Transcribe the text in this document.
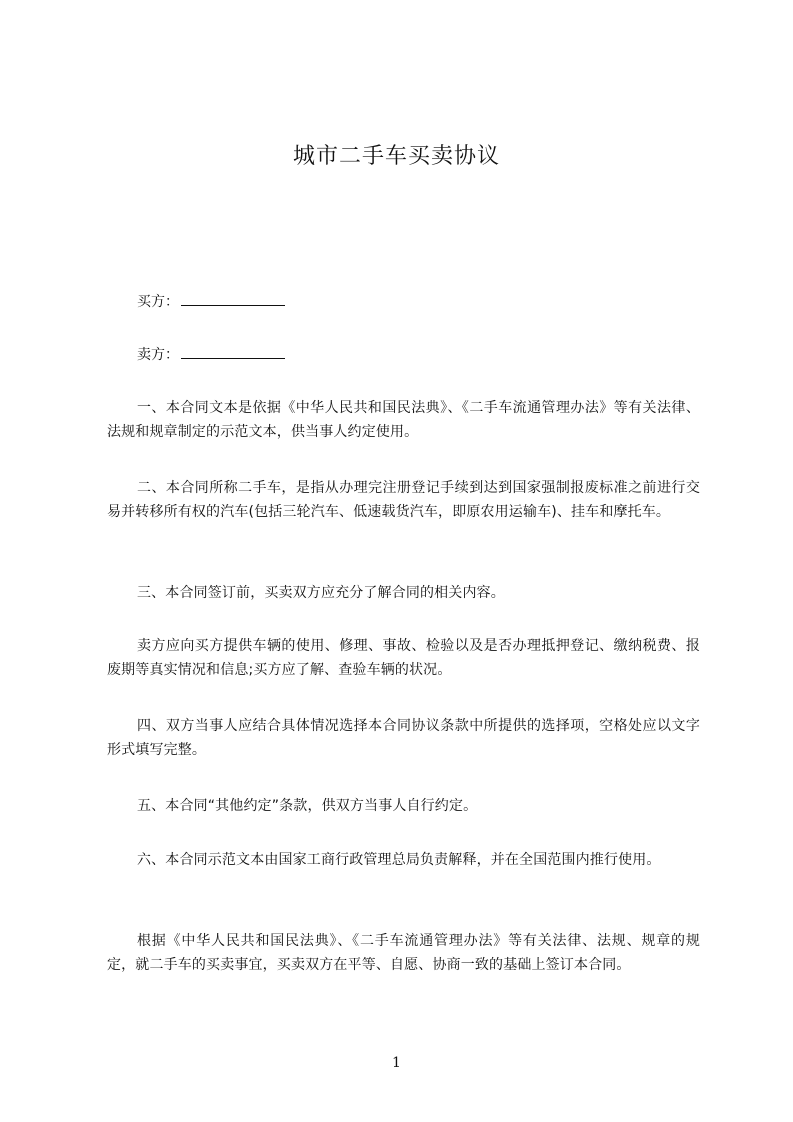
城市二手车买卖协议
买方：
卖方：

一、本合同文本是依据《中华人民共和国民法典》、《二手车流通管理办法》等有关法律、法规和规章制定的示范文本，供当事人约定使用。

二、本合同所称二手车，是指从办理完注册登记手续到达到国家强制报废标准之前进行交易并转移所有权的汽车(包括三轮汽车、低速载货汽车，即原农用运输车)、挂车和摩托车。

三、本合同签订前，买卖双方应充分了解合同的相关内容。

卖方应向买方提供车辆的使用、修理、事故、检验以及是否办理抵押登记、缴纳税费、报废期等真实情况和信息;买方应了解、查验车辆的状况。

四、双方当事人应结合具体情况选择本合同协议条款中所提供的选择项，空格处应以文字形式填写完整。

五、本合同“其他约定”条款，供双方当事人自行约定。

六、本合同示范文本由国家工商行政管理总局负责解释，并在全国范围内推行使用。

根据《中华人民共和国民法典》、《二手车流通管理办法》等有关法律、法规、规章的规定，就二手车的买卖事宜，买卖双方在平等、自愿、协商一致的基础上签订本合同。

1
